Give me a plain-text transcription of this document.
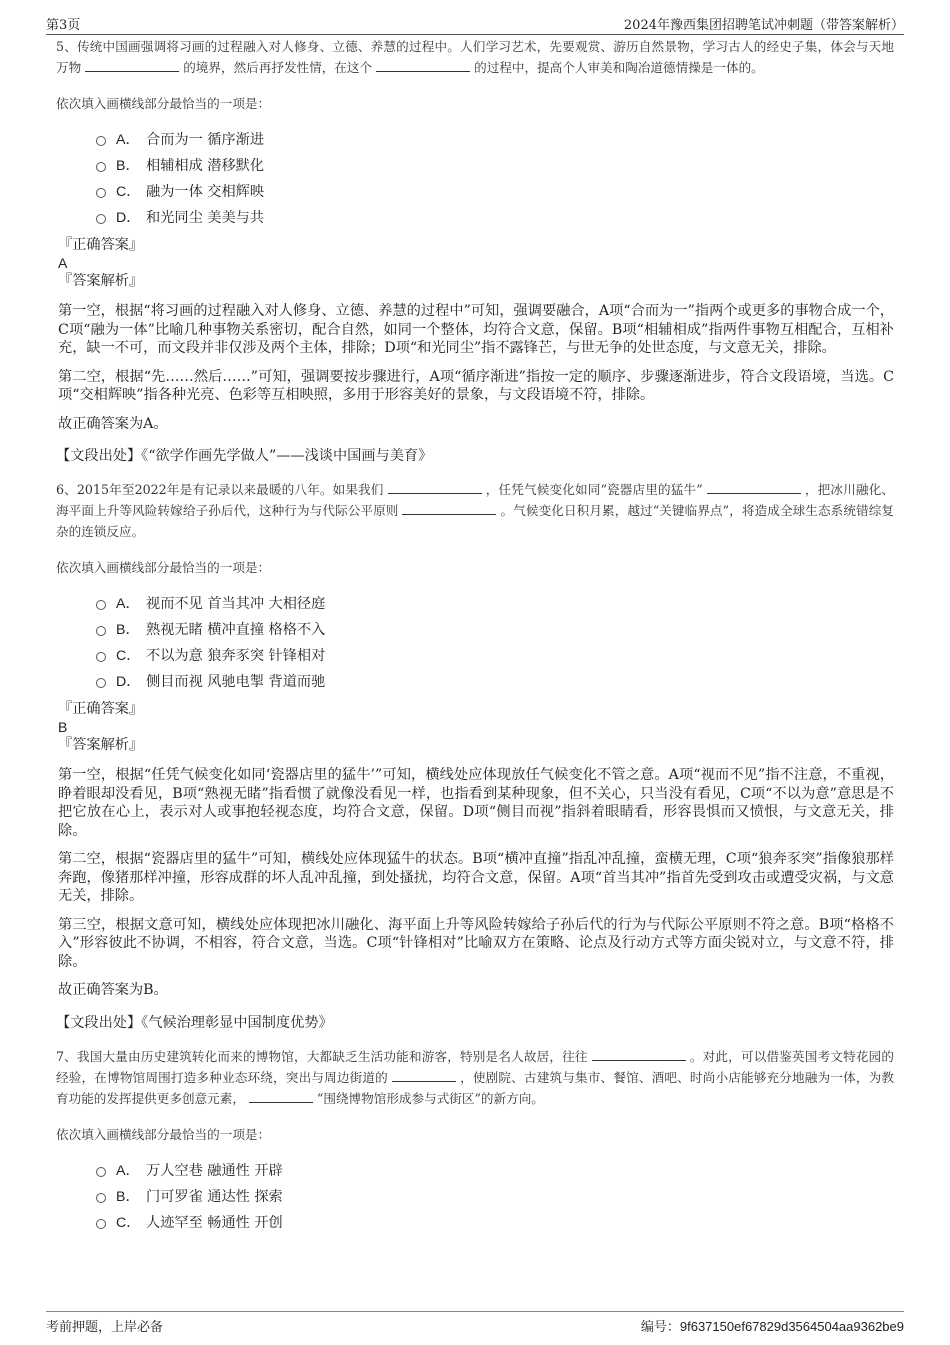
第3页	2024年豫西集团招聘笔试冲刺题（带答案解析）

5、传统中国画强调将习画的过程融入对人修身、立德、养慧的过程中。人们学习艺术，先要观赏、游历自然景物，学习古人的经史子集，体会与天地万物	的境界，然后再抒发性情，在这个	的过程中，提高个人审美和陶冶道德情操是一体的。

依次填入画横线部分最恰当的一项是：

A． 合而为一 循序渐进
B． 相辅相成 潜移默化
C． 融为一体 交相辉映
D． 和光同尘 美美与共
『正确答案』
A
『答案解析』

第一空，根据“将习画的过程融入对人修身、立德、养慧的过程中”可知，强调要融合，A项“合而为一”指两个或更多的事物合成一个，C项“融为一体”比喻几种事物关系密切，配合自然，如同一个整体，均符合文意，保留。B项“相辅相成”指两件事物互相配合，互相补充，缺一不可，而文段并非仅涉及两个主体，排除；D项“和光同尘”指不露锋芒，与世无争的处世态度，与文意无关，排除。

第二空，根据“先……然后……”可知，强调要按步骤进行，A项“循序渐进”指按一定的顺序、步骤逐渐进步，符合文段语境，当选。C项“交相辉映”指各种光亮、色彩等互相映照，多用于形容美好的景象，与文段语境不符，排除。

故正确答案为A。

【文段出处】《“欲学作画先学做人”——浅谈中国画与美育》

6、2015年至2022年是有记录以来最暖的八年。如果我们	，任凭气候变化如同“瓷器店里的猛牛”	，把冰川融化、海平面上升等风险转嫁给子孙后代，这种行为与代际公平原则	。气候变化日积月累，越过“关键临界点”，将造成全球生态系统错综复杂的连锁反应。

依次填入画横线部分最恰当的一项是：

A． 视而不见 首当其冲 大相径庭
B． 熟视无睹 横冲直撞 格格不入
C． 不以为意 狼奔豕突 针锋相对
D． 侧目而视 风驰电掣 背道而驰
『正确答案』
B
『答案解析』

第一空，根据“任凭气候变化如同‘瓷器店里的猛牛’”可知，横线处应体现放任气候变化不管之意。A项“视而不见”指不注意，不重视，睁着眼却没看见，B项“熟视无睹”指看惯了就像没看见一样，也指看到某种现象，但不关心，只当没有看见，C项“不以为意”意思是不把它放在心上，表示对人或事抱轻视态度，均符合文意，保留。D项“侧目而视”指斜着眼睛看，形容畏惧而又愤恨，与文意无关，排除。

第二空，根据“瓷器店里的猛牛”可知，横线处应体现猛牛的状态。B项“横冲直撞”指乱冲乱撞，蛮横无理，C项“狼奔豕突”指像狼那样奔跑，像猪那样冲撞，形容成群的坏人乱冲乱撞，到处搔扰，均符合文意，保留。A项“首当其冲”指首先受到攻击或遭受灾祸，与文意无关，排除。

第三空，根据文意可知，横线处应体现把冰川融化、海平面上升等风险转嫁给子孙后代的行为与代际公平原则不符之意。B项“格格不入”形容彼此不协调，不相容，符合文意，当选。C项“针锋相对”比喻双方在策略、论点及行动方式等方面尖锐对立，与文意不符，排除。

故正确答案为B。

【文段出处】《气候治理彰显中国制度优势》

7、我国大量由历史建筑转化而来的博物馆，大都缺乏生活功能和游客，特别是名人故居，往往	。对此，可以借鉴英国考文特花园的经验，在博物馆周围打造多种业态环绕，突出与周边街道的	，使剧院、古建筑与集市、餐馆、酒吧、时尚小店能够充分地融为一体，为教育功能的发挥提供更多创意元素，	“围绕博物馆形成参与式街区”的新方向。

依次填入画横线部分最恰当的一项是：

A． 万人空巷 融通性 开辟
B． 门可罗雀 通达性 探索
C． 人迹罕至 畅通性 开创
考前押题，上岸必备	编号：9f637150ef67829d3564504aa9362be9
